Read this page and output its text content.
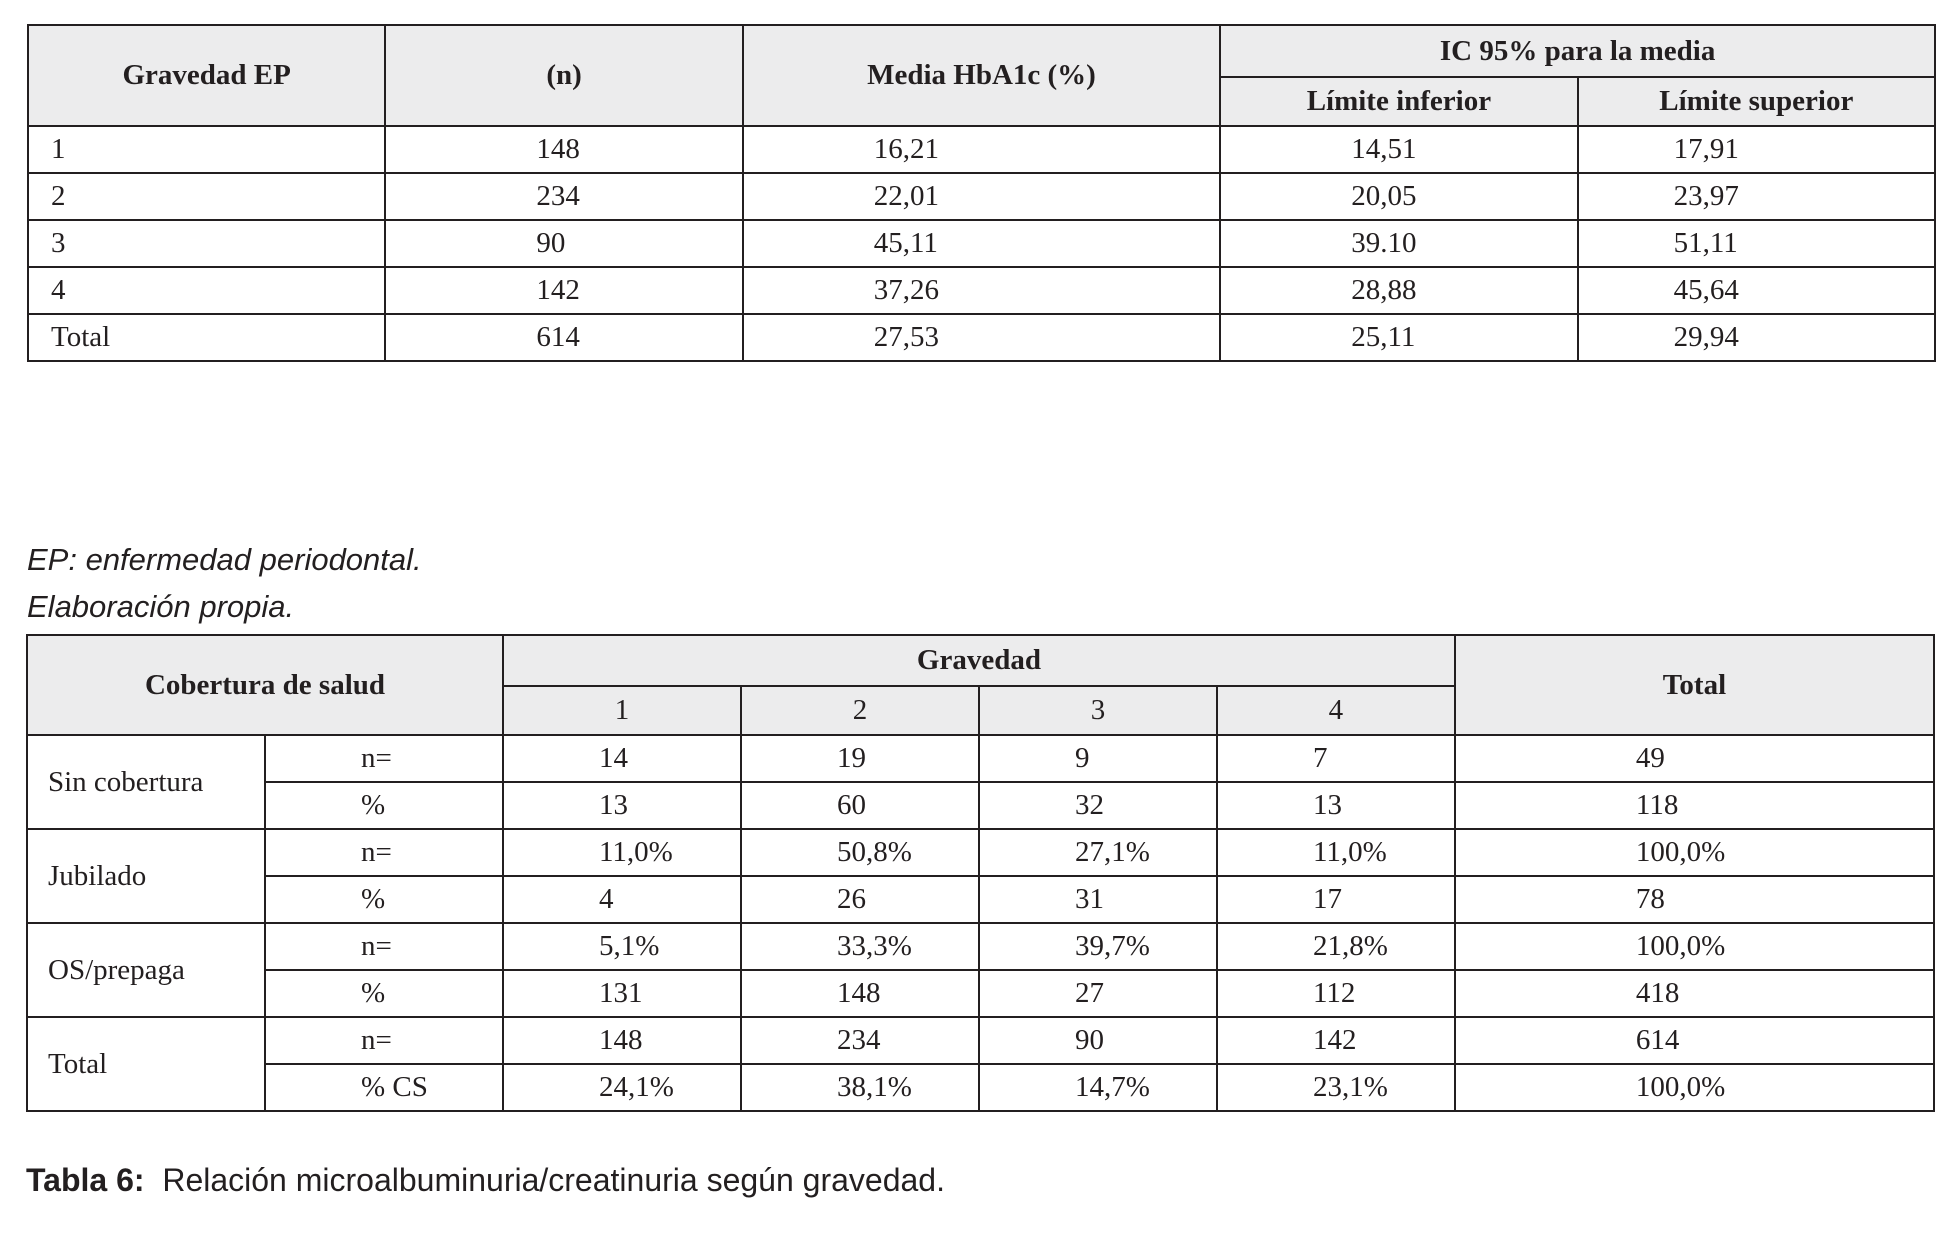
Gravedad EP	(n)	Media HbA1c (%)	IC 95% para la media	
			Límite inferior	Límite superior
1	148	16,21	14,51	17,91
2	234	22,01	20,05	23,97
3	90	45,11	39.10	51,11
4	142	37,26	28,88	45,64
Total	614	27,53	25,11	29,94
EP: enfermedad periodontal.
Elaboración propia.
Cobertura de salud		Gravedad				Total
		1	2	3	4	
Sin cobertura	n=	14	19	9	7	49
	%	13	60	32	13	118
Jubilado	n=	11,0%	50,8%	27,1%	11,0%	100,0%
	%	4	26	31	17	78
OS/prepaga	n=	5,1%	33,3%	39,7%	21,8%	100,0%
	%	131	148	27	112	418
Total	n=	148	234	90	142	614
	% CS	24,1%	38,1%	14,7%	23,1%	100,0%
Tabla 6: Relación microalbuminuria/creatinuria según gravedad.
